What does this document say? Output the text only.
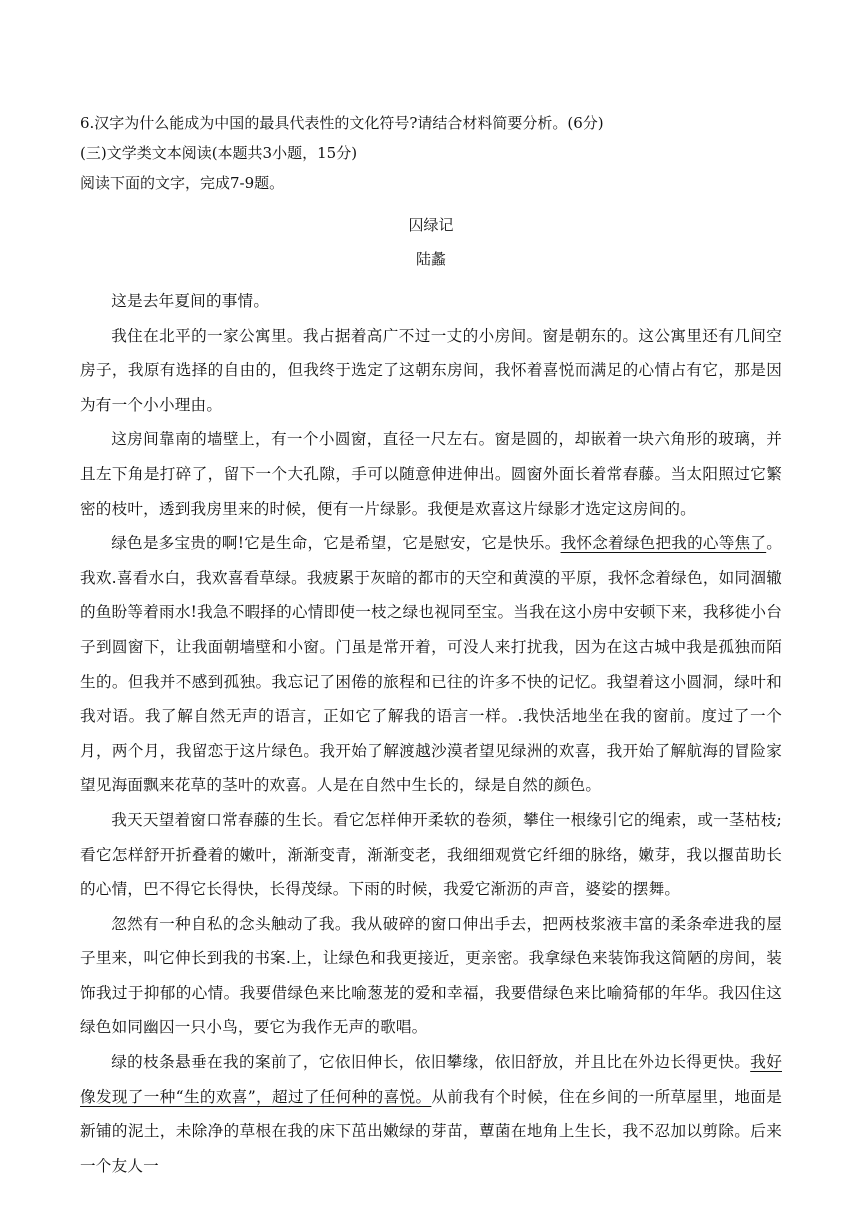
6.汉字为什么能成为中国的最具代表性的文化符号?请结合材料简要分析。(6分)

(三)文学类文本阅读(本题共3小题，15分)

阅读下面的文字，完成7-9题。

囚绿记

陆蠡

这是去年夏间的事情。

我住在北平的一家公寓里。我占据着高广不过一丈的小房间。窗是朝东的。这公寓里还有几间空房子，我原有选择的自由的，但我终于选定了这朝东房间，我怀着喜悦而满足的心情占有它，那是因为有一个小小理由。

这房间靠南的墙壁上，有一个小圆窗，直径一尺左右。窗是圆的，却嵌着一块六角形的玻璃，并且左下角是打碎了，留下一个大孔隙，手可以随意伸进伸出。圆窗外面长着常春藤。当太阳照过它繁密的枝叶，透到我房里来的时候，便有一片绿影。我便是欢喜这片绿影才选定这房间的。

绿色是多宝贵的啊!它是生命，它是希望，它是慰安，它是快乐。我怀念着绿色把我的心等焦了。我欢.喜看水白，我欢喜看草绿。我疲累于灰暗的都市的天空和黄漠的平原，我怀念着绿色，如同涸辙的鱼盼等着雨水!我急不暇择的心情即使一枝之绿也视同至宝。当我在这小房中安顿下来，我移徙小台子到圆窗下，让我面朝墙壁和小窗。门虽是常开着，可没人来打扰我，因为在这古城中我是孤独而陌生的。但我并不感到孤独。我忘记了困倦的旅程和已往的许多不快的记忆。我望着这小圆洞，绿叶和我对语。我了解自然无声的语言，正如它了解我的语言一样。.我快活地坐在我的窗前。度过了一个月，两个月，我留恋于这片绿色。我开始了解渡越沙漠者望见绿洲的欢喜，我开始了解航海的冒险家望见海面飘来花草的茎叶的欢喜。人是在自然中生长的，绿是自然的颜色。

我天天望着窗口常春藤的生长。看它怎样伸开柔软的卷须，攀住一根缘引它的绳索，或一茎枯枝;看它怎样舒开折叠着的嫩叶，渐渐变青，渐渐变老，我细细观赏它纤细的脉络，嫩芽，我以揠苗助长的心情，巴不得它长得快，长得茂绿。下雨的时候，我爱它渐沥的声音，婆娑的摆舞。

忽然有一种自私的念头触动了我。我从破碎的窗口伸出手去，把两枝浆液丰富的柔条牵进我的屋子里来，叫它伸长到我的书案.上，让绿色和我更接近，更亲密。我拿绿色来装饰我这简陋的房间，装饰我过于抑郁的心情。我要借绿色来比喻葱茏的爱和幸福，我要借绿色来比喻猗郁的年华。我囚住这绿色如同幽囚一只小鸟，要它为我作无声的歌唱。

绿的枝条悬垂在我的案前了，它依旧伸长，依旧攀缘，依旧舒放，并且比在外边长得更快。我好像发现了一种“生的欢喜”，超过了任何种的喜悦。从前我有个时候，住在乡间的一所草屋里，地面是新铺的泥土，未除净的草根在我的床下茁出嫩绿的芽苗，蕈菌在地角上生长，我不忍加以剪除。后来一个友人一
